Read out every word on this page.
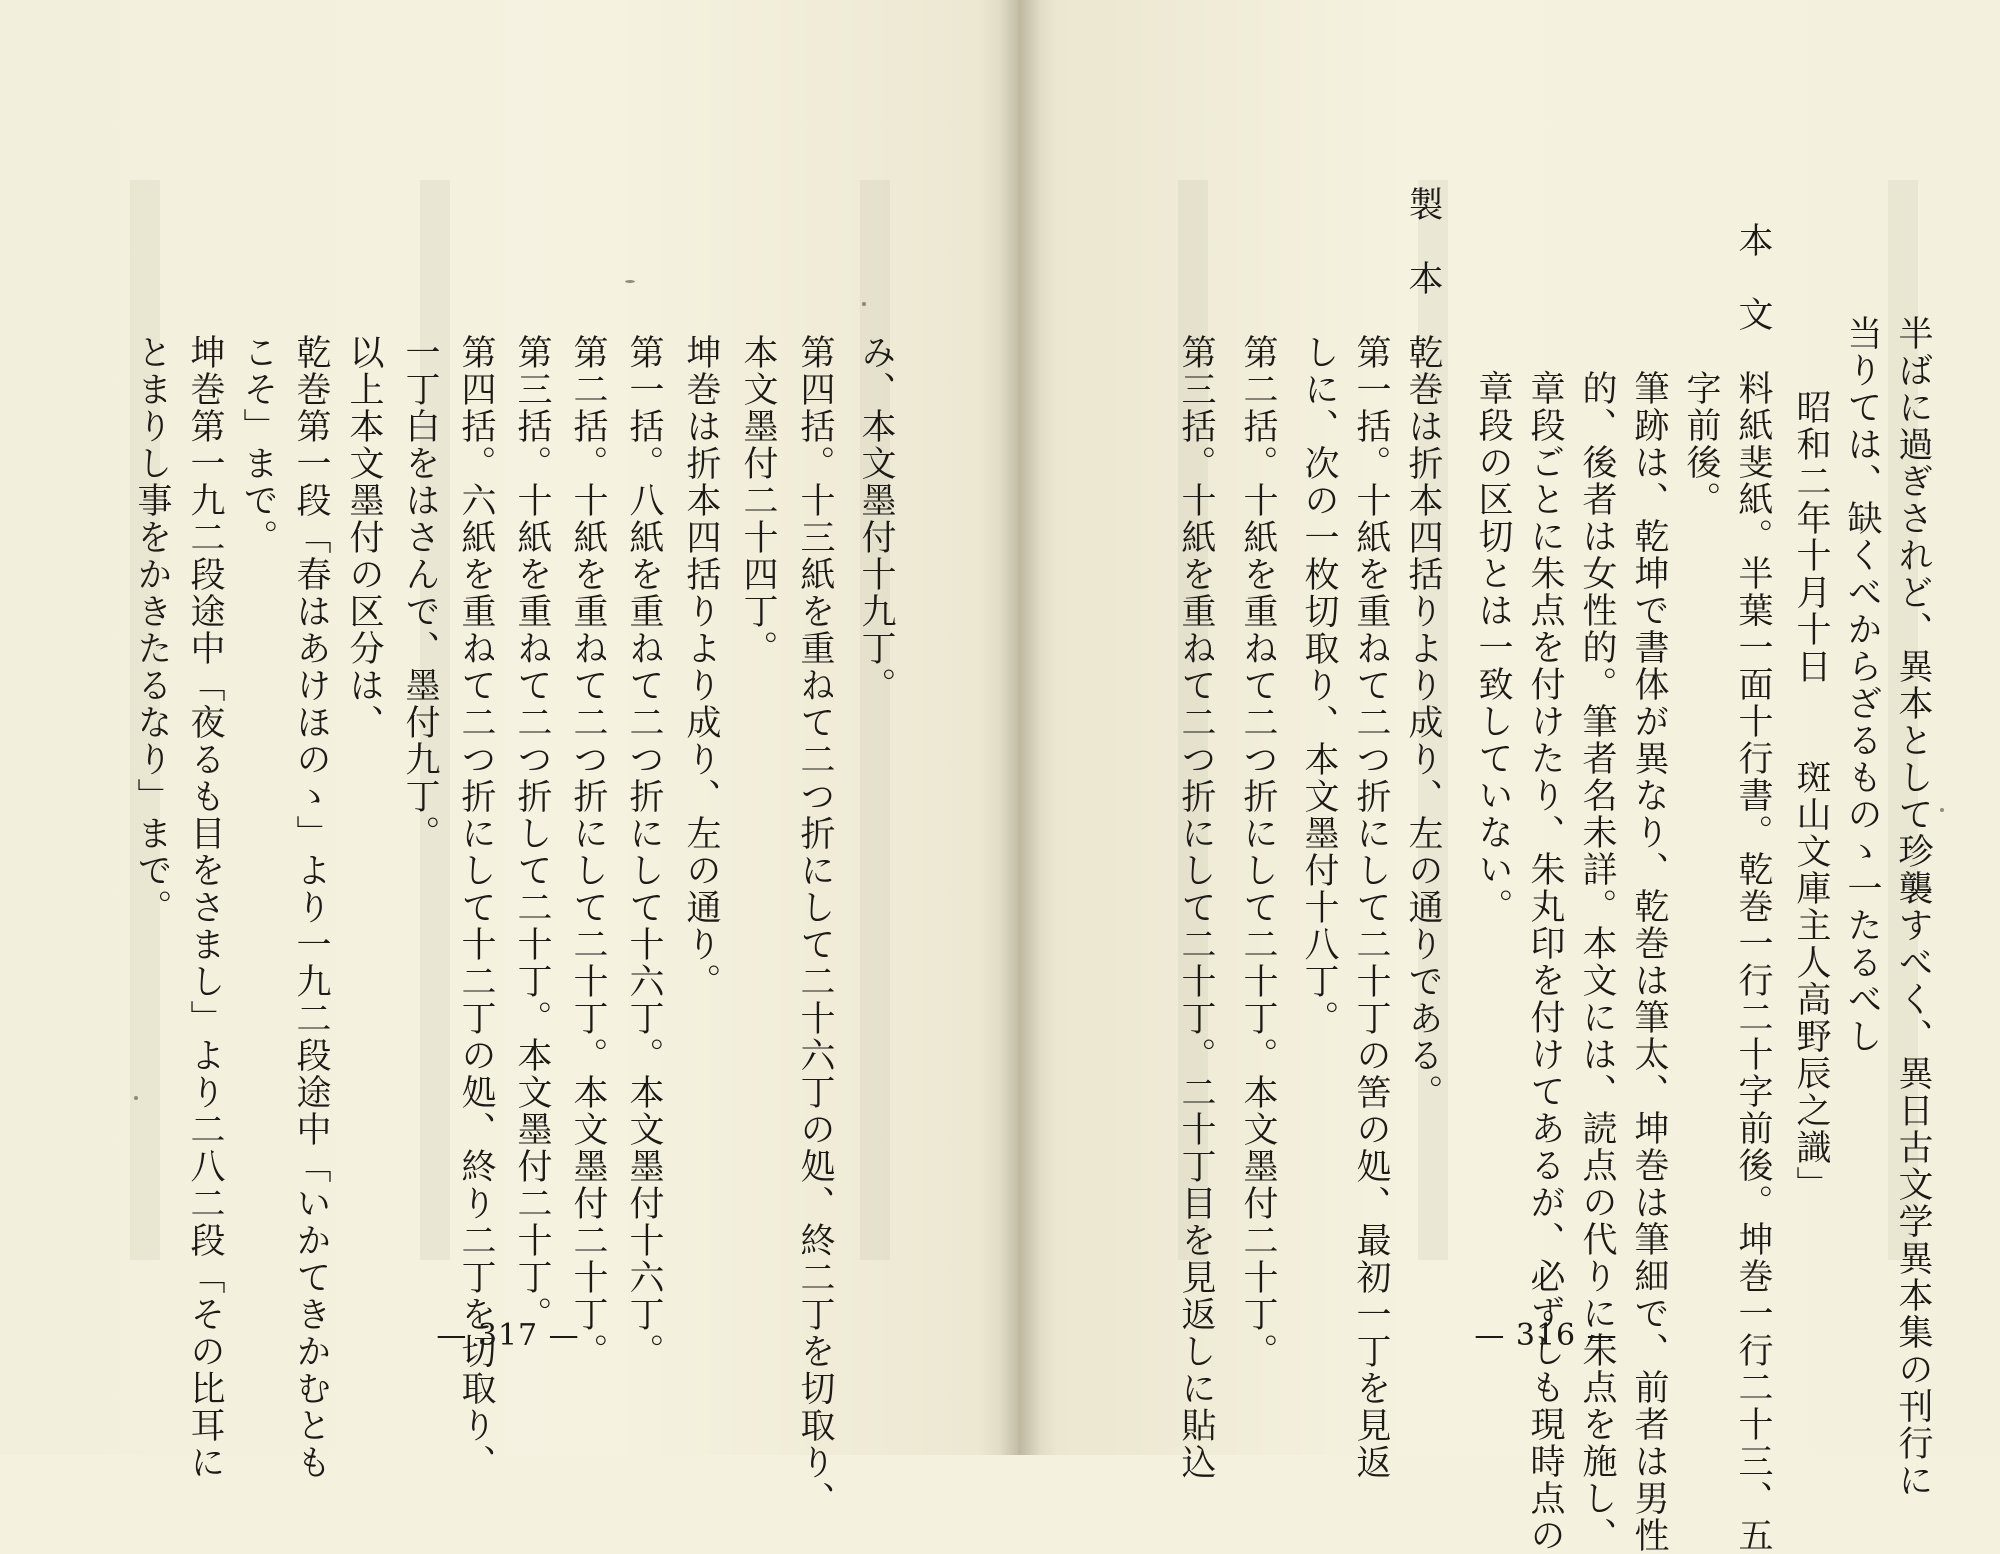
半ばに過ぎされど、異本として珍襲すべく、異日古文学異本集の刊行に
当りては、缺くべからざるものゝ一たるべし
　　昭和二年十月十日　　斑山文庫主人高野辰之識」
本　文　料紙斐紙。半葉一面十行書。乾巻一行二十字前後。坤巻一行二十三、五
　　　　字前後。
　　　　筆跡は、乾坤で書体が異なり、乾巻は筆太、坤巻は筆細で、前者は男性
　　　　的、後者は女性的。筆者名未詳。本文には、読点の代りに朱点を施し、
　　　　章段ごとに朱点を付けたり、朱丸印を付けてあるが、必ずしも現時点の
　　　　章段の区切とは一致していない。
製　本　乾巻は折本四括りより成り、左の通りである。
　　　　第一括。十紙を重ねて二つ折にして二十丁の筈の処、最初一丁を見返
　　　　しに、次の一枚切取り、本文墨付十八丁。
　　　　第二括。十紙を重ねて二つ折にして二十丁。本文墨付二十丁。
　　　　第三括。十紙を重ねて二つ折にして二十丁。二十丁目を見返しに貼込
　　　　み、本文墨付十九丁。
　　　　第四括。十三紙を重ねて二つ折にして二十六丁の処、終二丁を切取り、
　　　　本文墨付二十四丁。
　　　　坤巻は折本四括りより成り、左の通り。
　　　　第一括。八紙を重ねて二つ折にして十六丁。本文墨付十六丁。
　　　　第二括。十紙を重ねて二つ折にして二十丁。本文墨付二十丁。
　　　　第三括。十紙を重ねて二つ折して二十丁。本文墨付二十丁。
　　　　第四括。六紙を重ねて二つ折にして十二丁の処、終り二丁を切取り、
　　　　一丁白をはさんで、墨付九丁。
　　　　以上本文墨付の区分は、
　　　　乾巻第一段「春はあけほのゝ」より一九二段途中「いかてきかむとも
　　　　こそ」まで。
　　　　坤巻第一九二段途中「夜るも目をさまし」より二八二段「その比耳に
　　　　とまりし事をかきたるなり」まで。
— 317 —	— 316 —
